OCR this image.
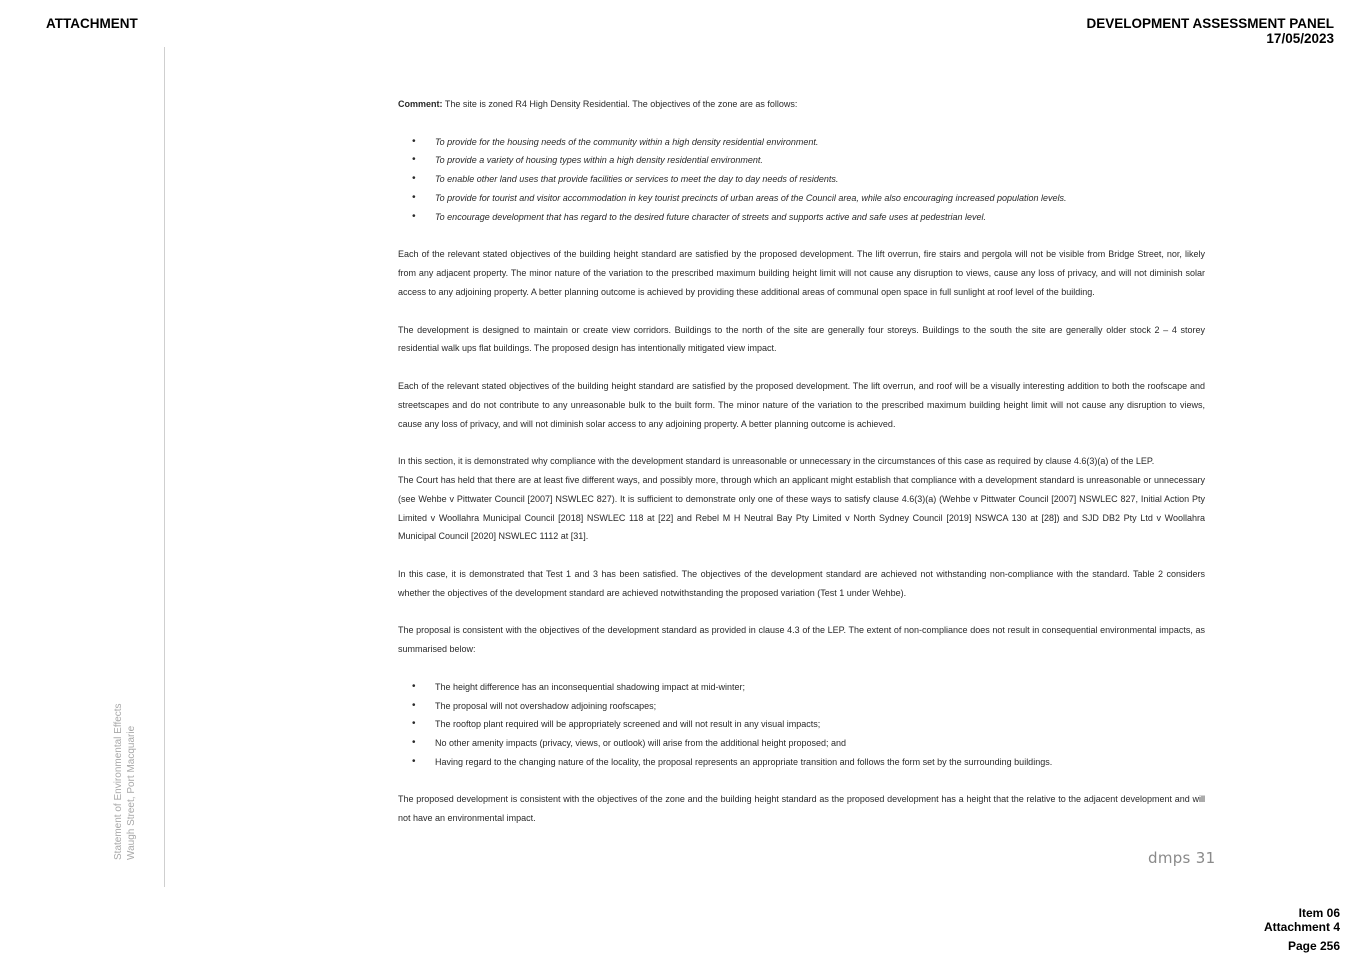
ATTACHMENT	DEVELOPMENT ASSESSMENT PANEL
17/05/2023
Statement of Environmental Effects Waugh Street, Port Macquarie

Comment: The site is zoned R4 High Density Residential. The objectives of the zone are as follows:

• To provide for the housing needs of the community within a high density residential environment.
• To provide a variety of housing types within a high density residential environment.
• To enable other land uses that provide facilities or services to meet the day to day needs of residents.
• To provide for tourist and visitor accommodation in key tourist precincts of urban areas of the Council area, while also encouraging increased population levels.
• To encourage development that has regard to the desired future character of streets and supports active and safe uses at pedestrian level.

Each of the relevant stated objectives of the building height standard are satisfied by the proposed development. The lift overrun, fire stairs and pergola will not be visible from Bridge Street, nor, likely from any adjacent property. The minor nature of the variation to the prescribed maximum building height limit will not cause any disruption to views, cause any loss of privacy, and will not diminish solar access to any adjoining property. A better planning outcome is achieved by providing these additional areas of communal open space in full sunlight at roof level of the building.

The development is designed to maintain or create view corridors. Buildings to the north of the site are generally four storeys. Buildings to the south the site are generally older stock 2 – 4 storey residential walk ups flat buildings. The proposed design has intentionally mitigated view impact.

Each of the relevant stated objectives of the building height standard are satisfied by the proposed development. The lift overrun, and roof will be a visually interesting addition to both the roofscape and streetscapes and do not contribute to any unreasonable bulk to the built form. The minor nature of the variation to the prescribed maximum building height limit will not cause any disruption to views, cause any loss of privacy, and will not diminish solar access to any adjoining property. A better planning outcome is achieved.

In this section, it is demonstrated why compliance with the development standard is unreasonable or unnecessary in the circumstances of this case as required by clause 4.6(3)(a) of the LEP.

The Court has held that there are at least five different ways, and possibly more, through which an applicant might establish that compliance with a development standard is unreasonable or unnecessary (see Wehbe v Pittwater Council [2007] NSWLEC 827). It is sufficient to demonstrate only one of these ways to satisfy clause 4.6(3)(a) (Wehbe v Pittwater Council [2007] NSWLEC 827, Initial Action Pty Limited v Woollahra Municipal Council [2018] NSWLEC 118 at [22] and Rebel M H Neutral Bay Pty Limited v North Sydney Council [2019] NSWCA 130 at [28]) and SJD DB2 Pty Ltd v Woollahra Municipal Council [2020] NSWLEC 1112 at [31].

In this case, it is demonstrated that Test 1 and 3 has been satisfied. The objectives of the development standard are achieved not withstanding non-compliance with the standard. Table 2 considers whether the objectives of the development standard are achieved notwithstanding the proposed variation (Test 1 under Wehbe).

The proposal is consistent with the objectives of the development standard as provided in clause 4.3 of the LEP. The extent of non-compliance does not result in consequential environmental impacts, as summarised below:

• The height difference has an inconsequential shadowing impact at mid-winter;
• The proposal will not overshadow adjoining roofscapes;
• The rooftop plant required will be appropriately screened and will not result in any visual impacts;
• No other amenity impacts (privacy, views, or outlook) will arise from the additional height proposed; and
• Having regard to the changing nature of the locality, the proposal represents an appropriate transition and follows the form set by the surrounding buildings.

The proposed development is consistent with the objectives of the zone and the building height standard as the proposed development has a height that the relative to the adjacent development and will not have an environmental impact.

dmps 31
Item 06
Attachment 4
Page 256
